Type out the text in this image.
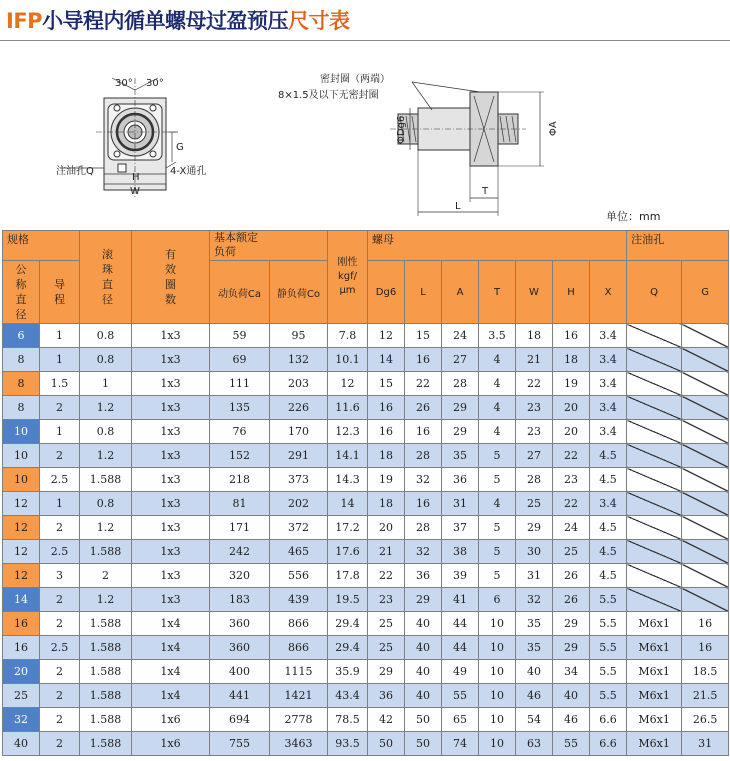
IFP小导程内循单螺母过盈预压尺寸表
30° 30°
注油孔Q
G
H
W
4-X通孔
密封圈（两端）
8×1.5及以下无密封圈
ΦDg6	ΦA
T
L
单位：mm
规格		滚珠直径	有效圈数	基本额定负荷		刚性kgf/μm	螺母							注油孔	
公称直径	导程			动负荷Ca	静负荷Co		Dg6	L	A	T	W	H	X	Q	G
6	1	0.8	1x3	59	95	7.8	12	15	24	3.5	18	16	3.4		
8	1	0.8	1x3	69	132	10.1	14	16	27	4	21	18	3.4		
8	1.5	1	1x3	111	203	12	15	22	28	4	22	19	3.4		
8	2	1.2	1x3	135	226	11.6	16	26	29	4	23	20	3.4		
10	1	0.8	1x3	76	170	12.3	16	16	29	4	23	20	3.4		
10	2	1.2	1x3	152	291	14.1	18	28	35	5	27	22	4.5		
10	2.5	1.588	1x3	218	373	14.3	19	32	36	5	28	23	4.5		
12	1	0.8	1x3	81	202	14	18	16	31	4	25	22	3.4		
12	2	1.2	1x3	171	372	17.2	20	28	37	5	29	24	4.5		
12	2.5	1.588	1x3	242	465	17.6	21	32	38	5	30	25	4.5		
12	3	2	1x3	320	556	17.8	22	36	39	5	31	26	4.5		
14	2	1.2	1x3	183	439	19.5	23	29	41	6	32	26	5.5		
16	2	1.588	1x4	360	866	29.4	25	40	44	10	35	29	5.5	M6x1	16
16	2.5	1.588	1x4	360	866	29.4	25	40	44	10	35	29	5.5	M6x1	16
20	2	1.588	1x4	400	1115	35.9	29	40	49	10	40	34	5.5	M6x1	18.5
25	2	1.588	1x4	441	1421	43.4	36	40	55	10	46	40	5.5	M6x1	21.5
32	2	1.588	1x6	694	2778	78.5	42	50	65	10	54	46	6.6	M6x1	26.5
40	2	1.588	1x6	755	3463	93.5	50	50	74	10	63	55	6.6	M6x1	31
